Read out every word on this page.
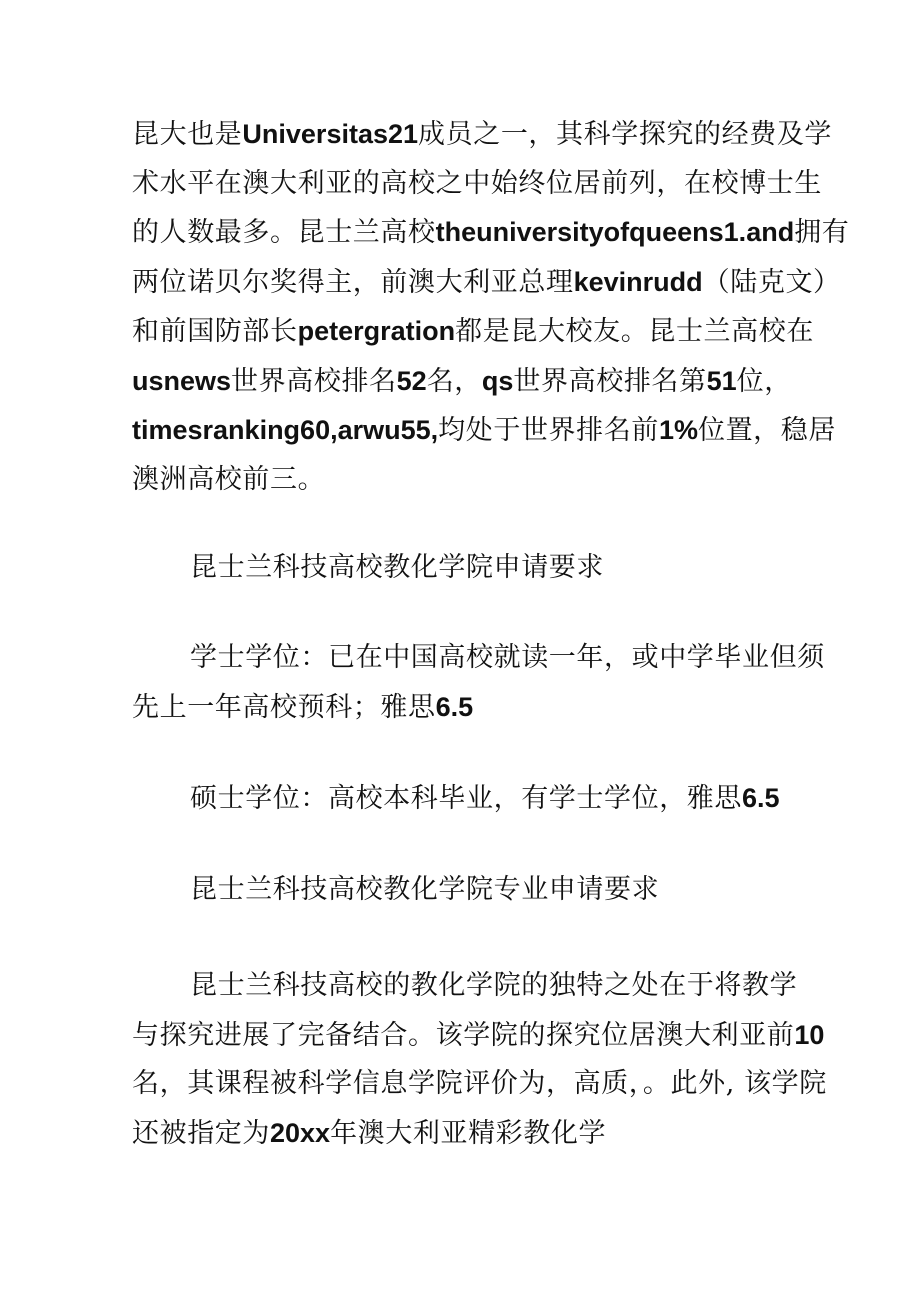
昆大也是Universitas21成员之一，其科学探究的经费及学
术水平在澳大利亚的高校之中始终位居前列，在校博士生
的人数最多。昆士兰高校theuniversityofqueens1.and拥有
两位诺贝尔奖得主，前澳大利亚总理kevinrudd（陆克文）
和前国防部长petergration都是昆大校友。昆士兰高校在
usnews世界高校排名52名，qs世界高校排名第51位，
timesranking60,arwu55,均处于世界排名前1%位置，稳居
澳洲高校前三。

昆士兰科技高校教化学院申请要求

学士学位：已在中国高校就读一年，或中学毕业但须
先上一年高校预科；雅思6.5

硕士学位：高校本科毕业，有学士学位，雅思6.5

昆士兰科技高校教化学院专业申请要求

昆士兰科技高校的教化学院的独特之处在于将教学
与探究进展了完备结合。该学院的探究位居澳大利亚前10
名，其课程被科学信息学院评价为，高质，。此外, 该学院
还被指定为20xx年澳大利亚精彩教化学
